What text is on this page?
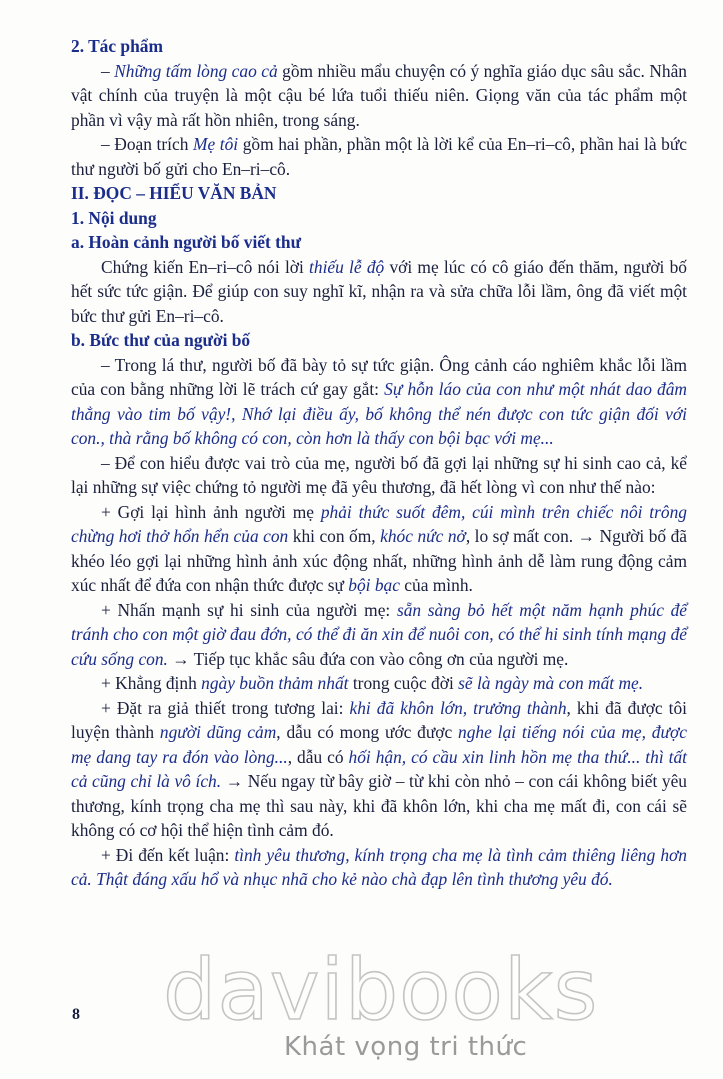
2. Tác phẩm

– Những tấm lòng cao cả gồm nhiều mẩu chuyện có ý nghĩa giáo dục sâu sắc. Nhân vật chính của truyện là một cậu bé lứa tuổi thiếu niên. Giọng văn của tác phẩm một phần vì vậy mà rất hồn nhiên, trong sáng.

– Đoạn trích Mẹ tôi gồm hai phần, phần một là lời kể của En–ri–cô, phần hai là bức thư người bố gửi cho En–ri–cô.

II. ĐỌC – HIỂU VĂN BẢN

1. Nội dung

a. Hoàn cảnh người bố viết thư

Chứng kiến En–ri–cô nói lời thiếu lễ độ với mẹ lúc có cô giáo đến thăm, người bố hết sức tức giận. Để giúp con suy nghĩ kĩ, nhận ra và sửa chữa lỗi lầm, ông đã viết một bức thư gửi En–ri–cô.

b. Bức thư của người bố

– Trong lá thư, người bố đã bày tỏ sự tức giận. Ông cảnh cáo nghiêm khắc lỗi lầm của con bằng những lời lẽ trách cứ gay gắt: Sự hỗn láo của con như một nhát dao đâm thẳng vào tim bố vậy!, Nhớ lại điều ấy, bố không thể nén được con tức giận đối với con., thà rằng bố không có con, còn hơn là thấy con bội bạc với mẹ...

– Để con hiểu được vai trò của mẹ, người bố đã gợi lại những sự hi sinh cao cả, kể lại những sự việc chứng tỏ người mẹ đã yêu thương, đã hết lòng vì con như thế nào:

+ Gợi lại hình ảnh người mẹ phải thức suốt đêm, cúi mình trên chiếc nôi trông chừng hơi thở hổn hển của con khi con ốm, khóc nức nở, lo sợ mất con. → Người bố đã khéo léo gợi lại những hình ảnh xúc động nhất, những hình ảnh dễ làm rung động cảm xúc nhất để đứa con nhận thức được sự bội bạc của mình.

+ Nhấn mạnh sự hi sinh của người mẹ: sẵn sàng bỏ hết một năm hạnh phúc để tránh cho con một giờ đau đớn, có thể đi ăn xin để nuôi con, có thể hi sinh tính mạng để cứu sống con. → Tiếp tục khắc sâu đứa con vào công ơn của người mẹ.

+ Khẳng định ngày buồn thảm nhất trong cuộc đời sẽ là ngày mà con mất mẹ.

+ Đặt ra giả thiết trong tương lai: khi đã khôn lớn, trưởng thành, khi đã được tôi luyện thành người dũng cảm, dẫu có mong ước được nghe lại tiếng nói của mẹ, được mẹ dang tay ra đón vào lòng..., dẫu có hối hận, có cầu xin linh hồn mẹ tha thứ... thì tất cả cũng chỉ là vô ích. → Nếu ngay từ bây giờ – từ khi còn nhỏ – con cái không biết yêu thương, kính trọng cha mẹ thì sau này, khi đã khôn lớn, khi cha mẹ mất đi, con cái sẽ không có cơ hội thể hiện tình cảm đó.

+ Đi đến kết luận: tình yêu thương, kính trọng cha mẹ là tình cảm thiêng liêng hơn cả. Thật đáng xấu hổ và nhục nhã cho kẻ nào chà đạp lên tình thương yêu đó.

8 davibooks
Khát vọng tri thức
